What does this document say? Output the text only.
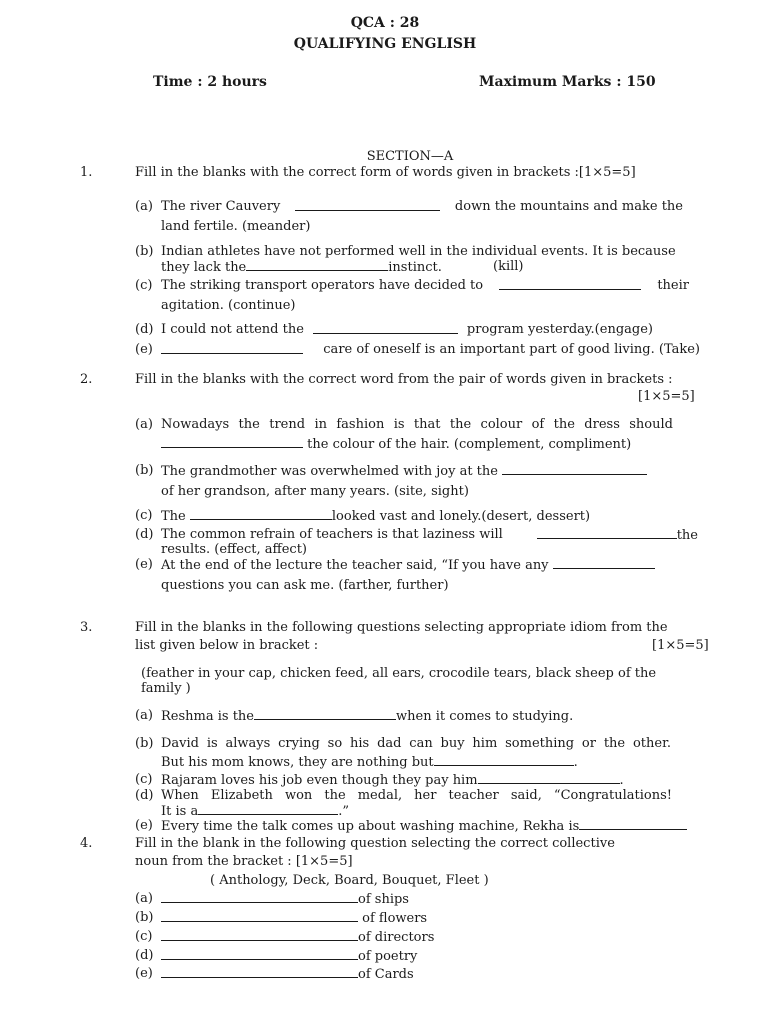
QCA : 28
QUALIFYING ENGLISH
Time : 2 hours	Maximum Marks : 150
SECTION—A
1.	Fill in the blanks with the correct form of words given in brackets :[1×5=5]
(a) The river Cauvery	down the mountains and make the
land fertile. (meander)
(b) Indian athletes have not performed well in the individual events. It is because
they lack the	instinct.	(kill)
(c) The striking transport operators have decided to	their
agitation. (continue)
(d) I could not attend the	program yesterday.(engage)
(e)	care of oneself is an important part of good living. (Take)
2.	Fill in the blanks with the correct word from the pair of words given in brackets :
[1×5=5]
(a) Nowadays the trend in fashion is that the colour of the dress should
the colour of the hair. (complement, compliment)
(b) The grandmother was overwhelmed with joy at the
of her grandson, after many years. (site, sight)
(c) The	looked vast and lonely.(desert, dessert)
(d) The common refrain of teachers is that laziness will	the
results. (effect, affect)
(e) At the end of the lecture the teacher said, “If you have any
questions you can ask me. (farther, further)
3.	Fill in the blanks in the following questions selecting appropriate idiom from the
list given below in bracket :	[1×5=5]
(feather in your cap, chicken feed, all ears, crocodile tears, black sheep of the
family )
(a) Reshma is the	when it comes to studying.
(b) David is always crying so his dad can buy him something or the other.
But his mom knows, they are nothing but	.
(c) Rajaram loves his job even though they pay him	.
(d) When Elizabeth won the medal, her teacher said, “Congratulations!
It is a	.”
(e) Every time the talk comes up about washing machine, Rekha is
4.	Fill in the blank in the following question selecting the correct collective
noun from the bracket : [1×5=5]
( Anthology, Deck, Board, Bouquet, Fleet )
(a)	of ships
(b)	of flowers
(c)	of directors
(d)	of poetry
(e)	of Cards
